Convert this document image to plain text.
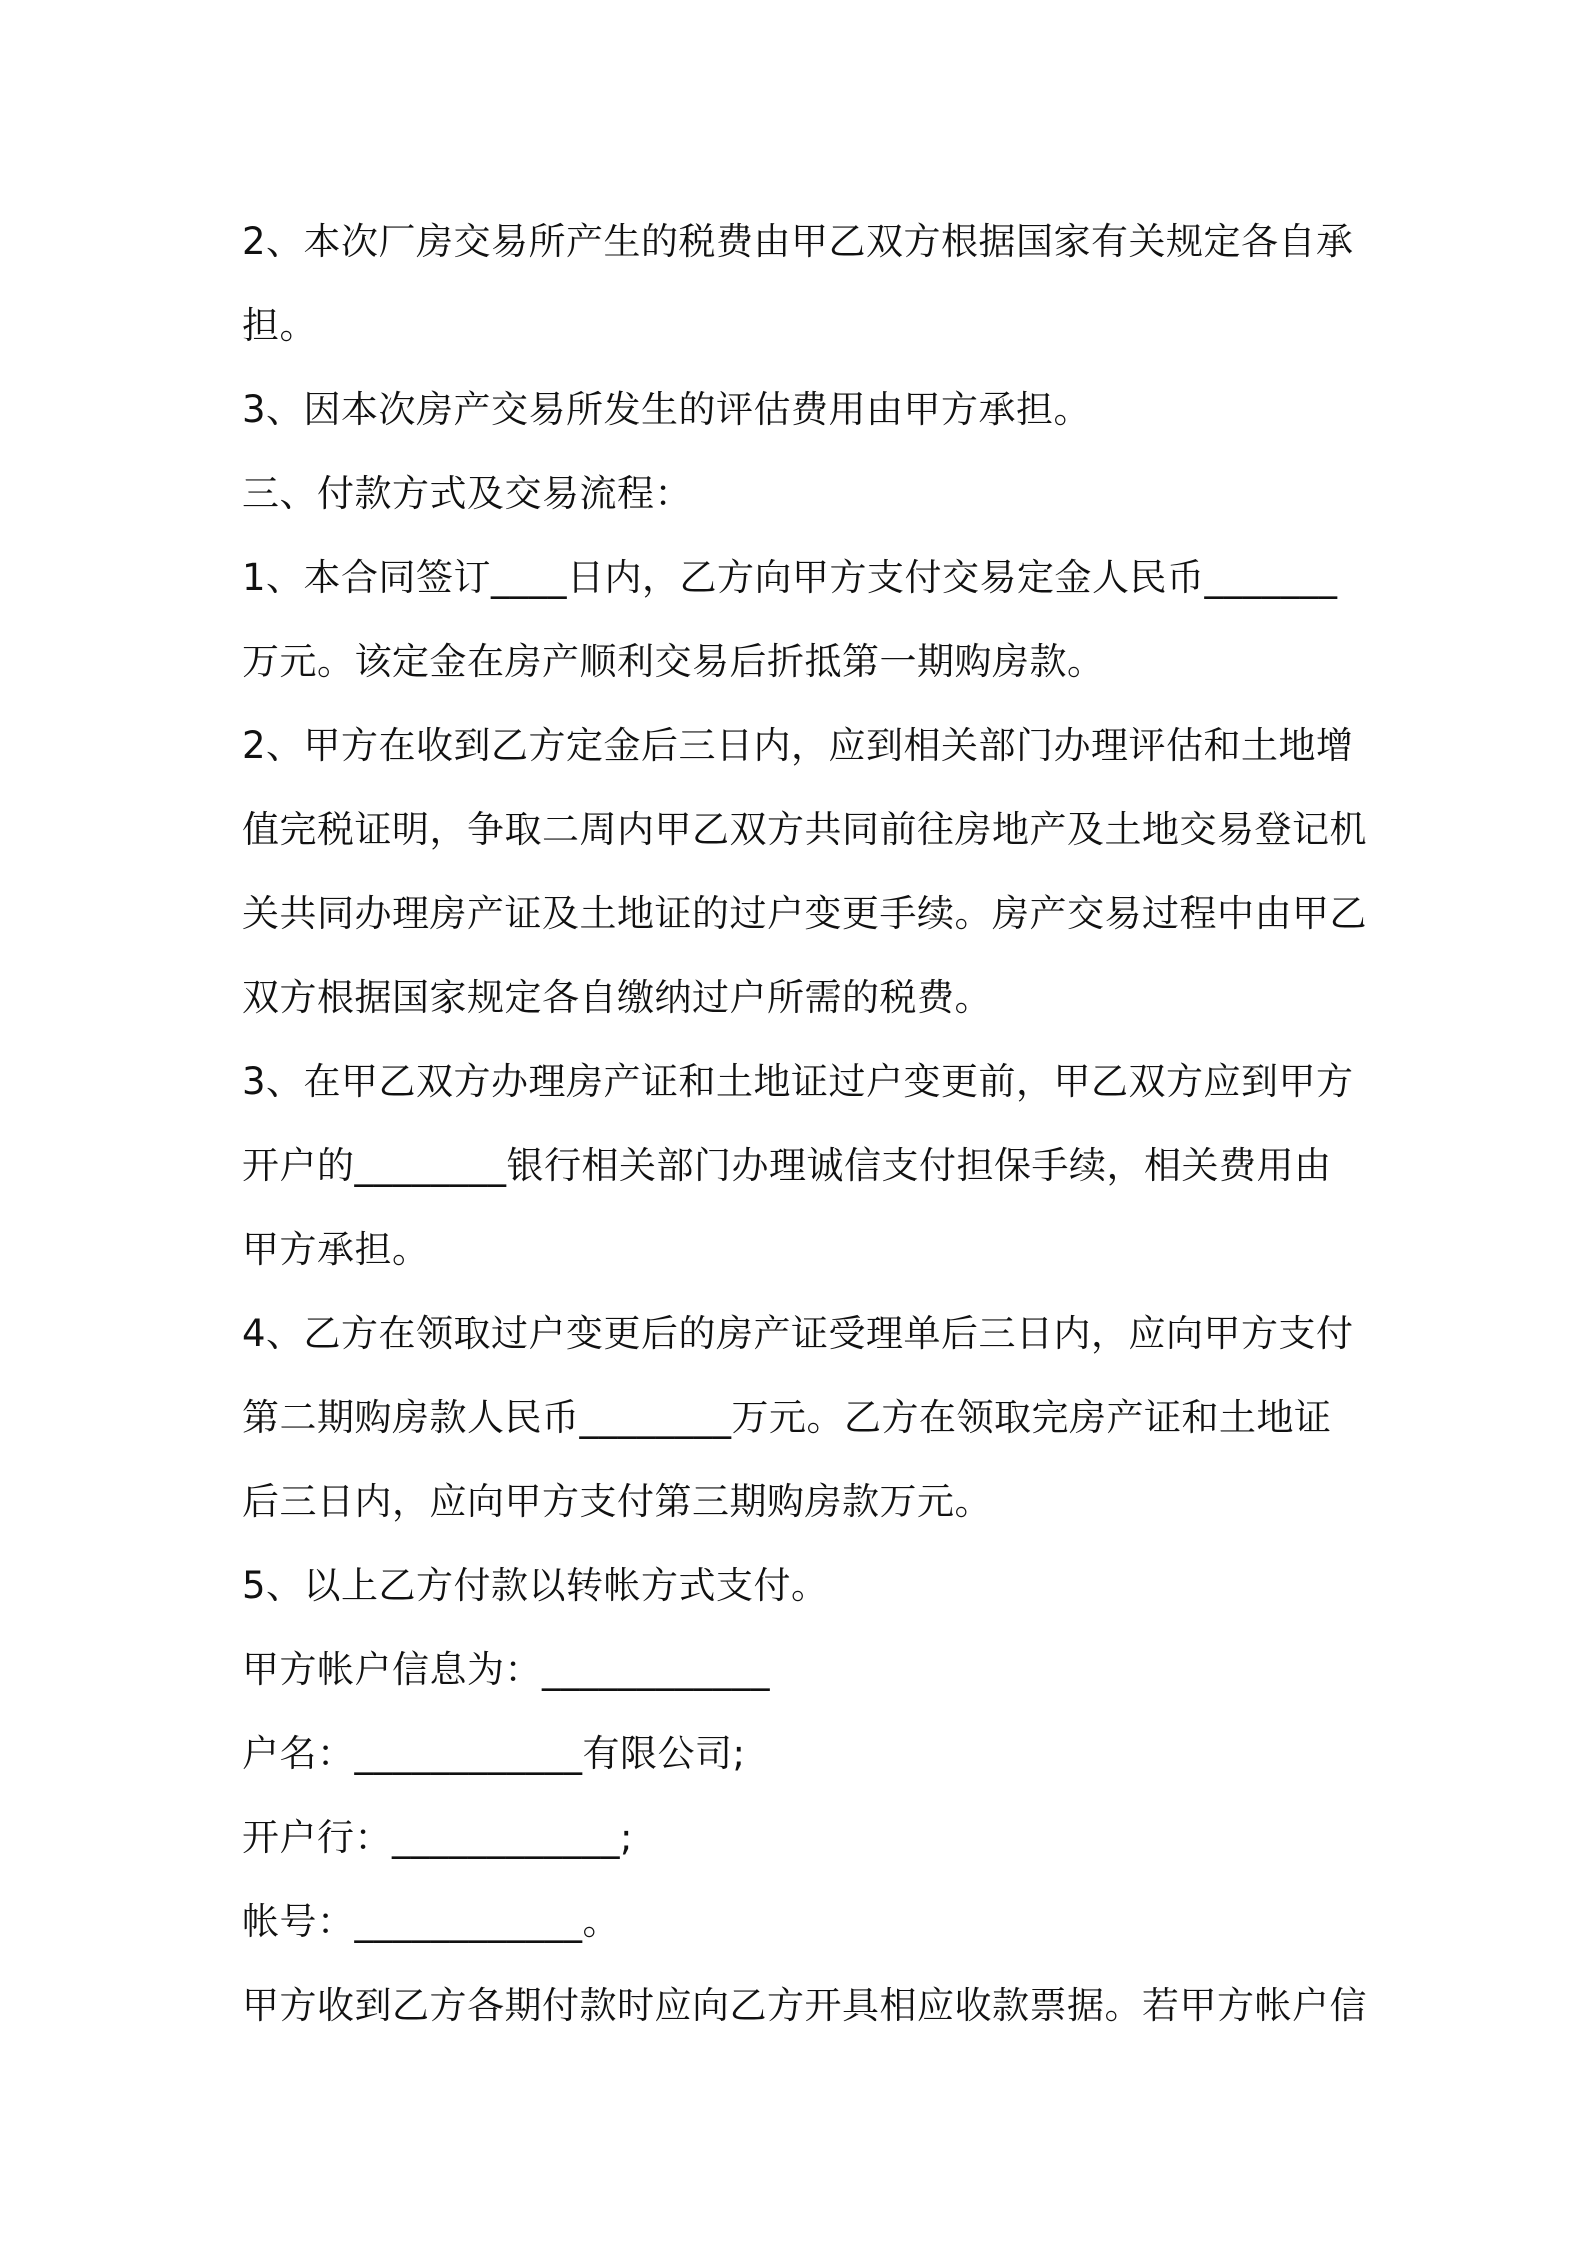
2、本次厂房交易所产生的税费由甲乙双方根据国家有关规定各自承
担。
3、因本次房产交易所发生的评估费用由甲方承担。
三、付款方式及交易流程：
1、本合同签订____日内，乙方向甲方支付交易定金人民币_______
万元。该定金在房产顺利交易后折抵第一期购房款。
2、甲方在收到乙方定金后三日内，应到相关部门办理评估和土地增
值完税证明，争取二周内甲乙双方共同前往房地产及土地交易登记机
关共同办理房产证及土地证的过户变更手续。房产交易过程中由甲乙
双方根据国家规定各自缴纳过户所需的税费。
3、在甲乙双方办理房产证和土地证过户变更前，甲乙双方应到甲方
开户的________银行相关部门办理诚信支付担保手续，相关费用由
甲方承担。
4、乙方在领取过户变更后的房产证受理单后三日内，应向甲方支付
第二期购房款人民币________万元。乙方在领取完房产证和土地证
后三日内，应向甲方支付第三期购房款万元。
5、以上乙方付款以转帐方式支付。
甲方帐户信息为：____________
户名：____________有限公司;
开户行：____________;
帐号：____________。
甲方收到乙方各期付款时应向乙方开具相应收款票据。若甲方帐户信
